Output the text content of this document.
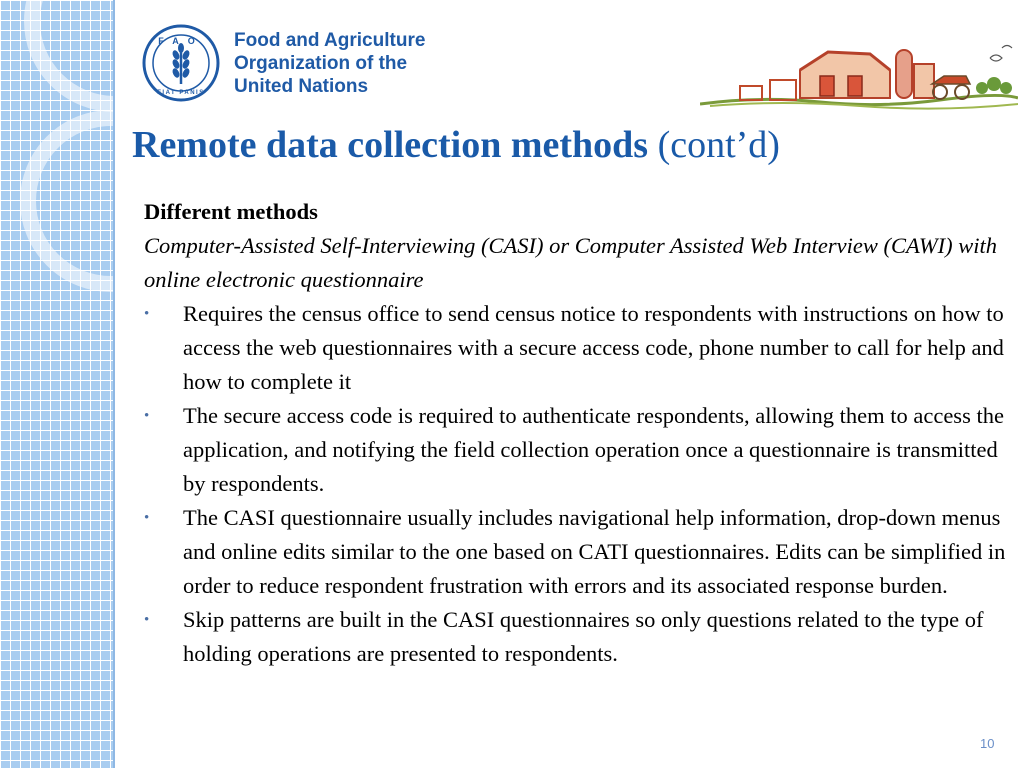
FAO
FIAT PANIS
Food and Agriculture
Organization of the
United Nations
Remote data collection methods (cont’d)
Different methods
Computer-Assisted Self-Interviewing (CASI) or Computer Assisted Web Interview (CAWI) with online electronic questionnaire
• Requires the census office to send census notice to respondents with instructions on how to access the web questionnaires with a secure access code, phone number to call for help and how to complete it
• The secure access code is required to authenticate respondents, allowing them to access the application, and notifying the field collection operation once a questionnaire is transmitted by respondents.
• The CASI questionnaire usually includes navigational help information, drop-down menus and online edits similar to the one based on CATI questionnaires. Edits can be simplified in order to reduce respondent frustration with errors and its associated response burden.
• Skip patterns are built in the CASI questionnaires so only questions related to the type of holding operations are presented to respondents.
10
